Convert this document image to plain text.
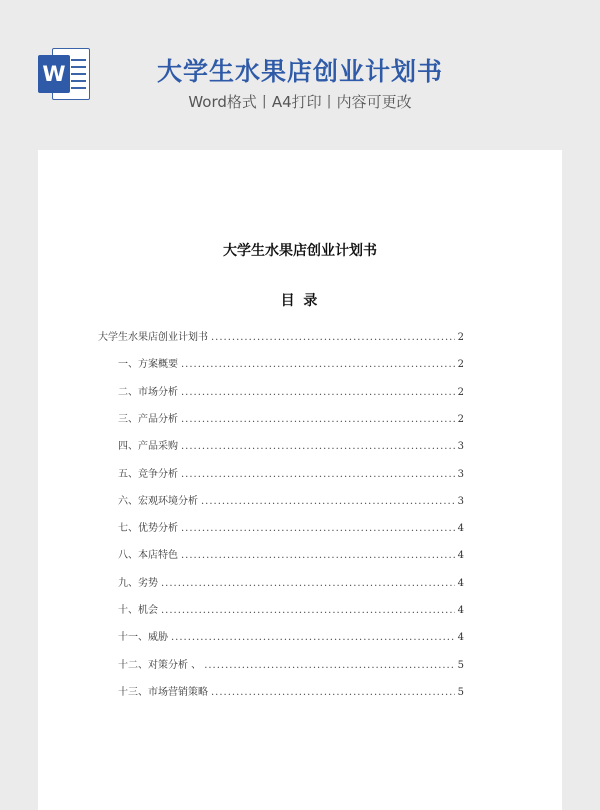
W	大学生水果店创业计划书
Word格式丨A4打印丨内容可更改
大学生水果店创业计划书
目 录
大学生水果店创业计划书 .....	2
一、方案概要 .....	2
二、市场分析 .....	2
三、产品分析 .....	2
四、产品采购 .....	3
五、竞争分析 .....	3
六、宏观环境分析 .....	3
七、优势分析 .....	4
八、本店特色 .....	4
九、劣势 .....	4
十、机会 .....	4
十一、威胁 .....	4
十二、对策分析 、 .....	5
十三、市场营销策略 .....	5
